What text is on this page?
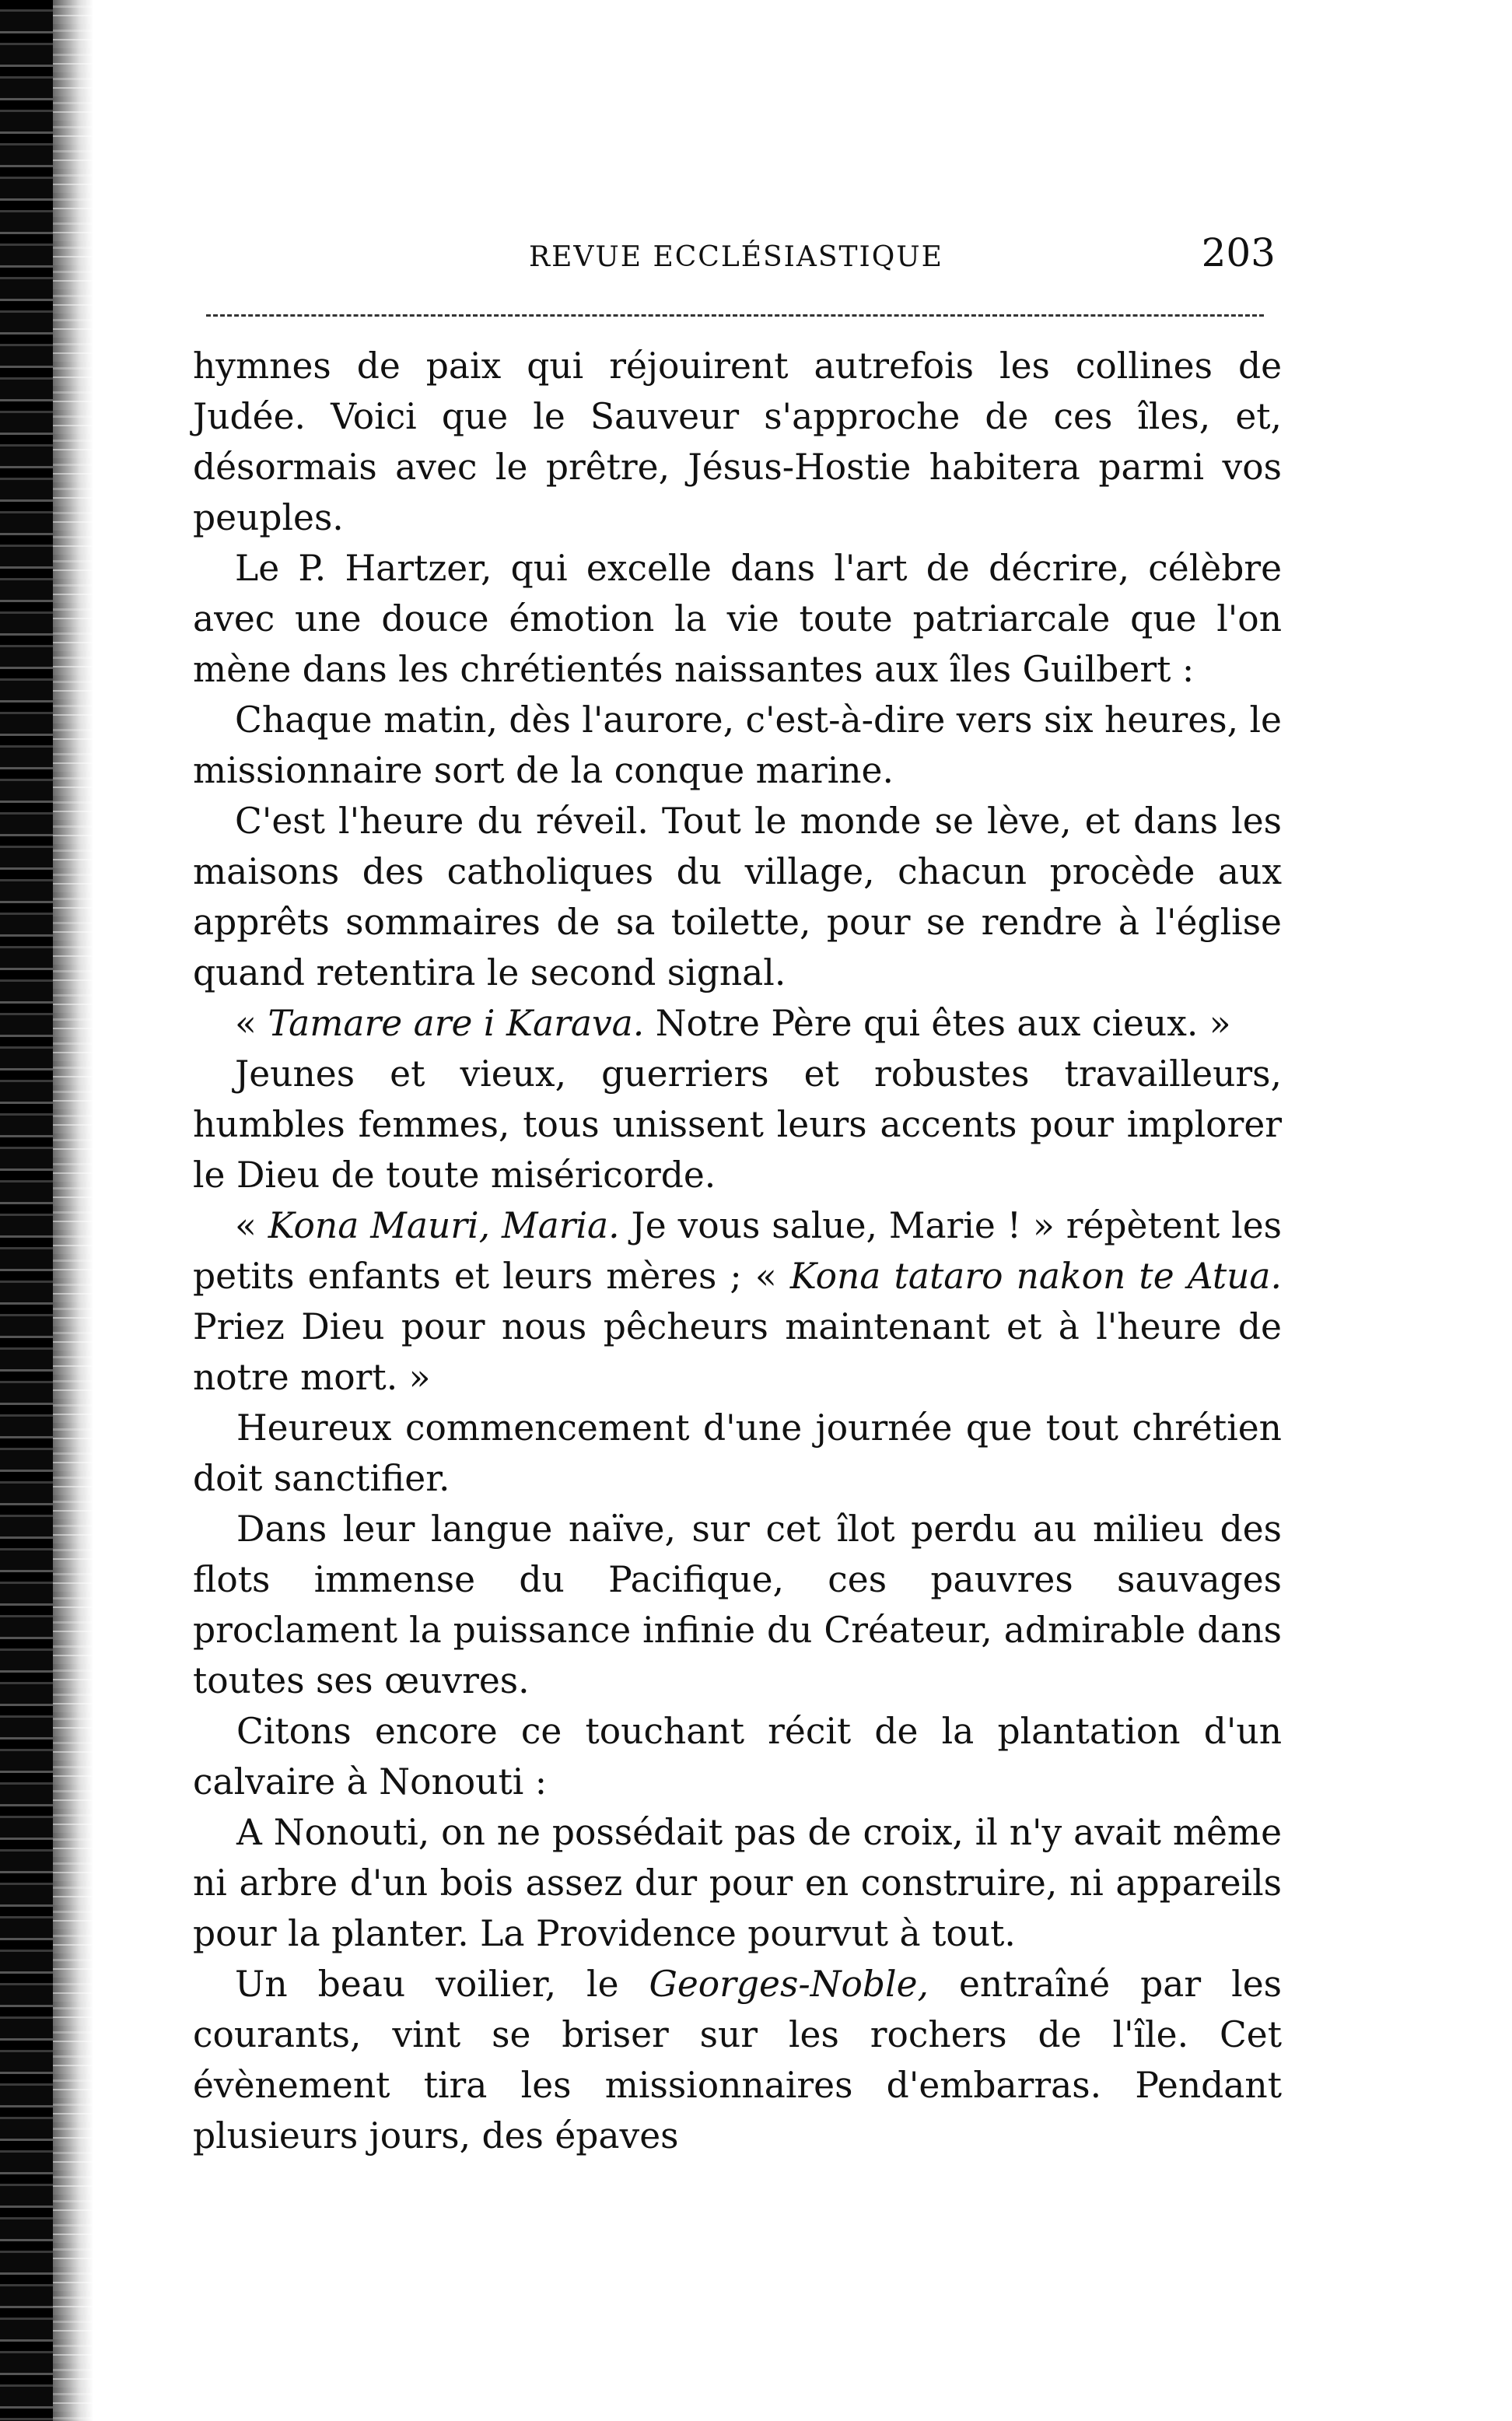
REVUE ECCLÉSIASTIQUE	203

hymnes de paix qui réjouirent autrefois les collines de Judée. Voici que le Sauveur s'approche de ces îles, et, désormais avec le prêtre, Jésus-Hostie habitera parmi vos peuples.

Le P. Hartzer, qui excelle dans l'art de décrire, célèbre avec une douce émotion la vie toute patriarcale que l'on mène dans les chrétientés naissantes aux îles Guilbert :

Chaque matin, dès l'aurore, c'est-à-dire vers six heures, le missionnaire sort de la conque marine.

C'est l'heure du réveil. Tout le monde se lève, et dans les maisons des catholiques du village, chacun procède aux apprêts sommaires de sa toilette, pour se rendre à l'église quand retentira le second signal.

« Tamare are i Karava. Notre Père qui êtes aux cieux. »

Jeunes et vieux, guerriers et robustes travailleurs, humbles femmes, tous unissent leurs accents pour implorer le Dieu de toute miséricorde.

« Kona Mauri, Maria. Je vous salue, Marie ! » répètent les petits enfants et leurs mères ; « Kona tataro nakon te Atua. Priez Dieu pour nous pêcheurs maintenant et à l'heure de notre mort. »

Heureux commencement d'une journée que tout chrétien doit sanctifier.

Dans leur langue naïve, sur cet îlot perdu au milieu des flots immense du Pacifique, ces pauvres sauvages proclament la puissance infinie du Créateur, admirable dans toutes ses œuvres.

Citons encore ce touchant récit de la plantation d'un calvaire à Nonouti :

A Nonouti, on ne possédait pas de croix, il n'y avait même ni arbre d'un bois assez dur pour en construire, ni appareils pour la planter. La Providence pourvut à tout.

Un beau voilier, le Georges-Noble, entraîné par les courants, vint se briser sur les rochers de l'île. Cet évènement tira les missionnaires d'embarras. Pendant plusieurs jours, des épaves
